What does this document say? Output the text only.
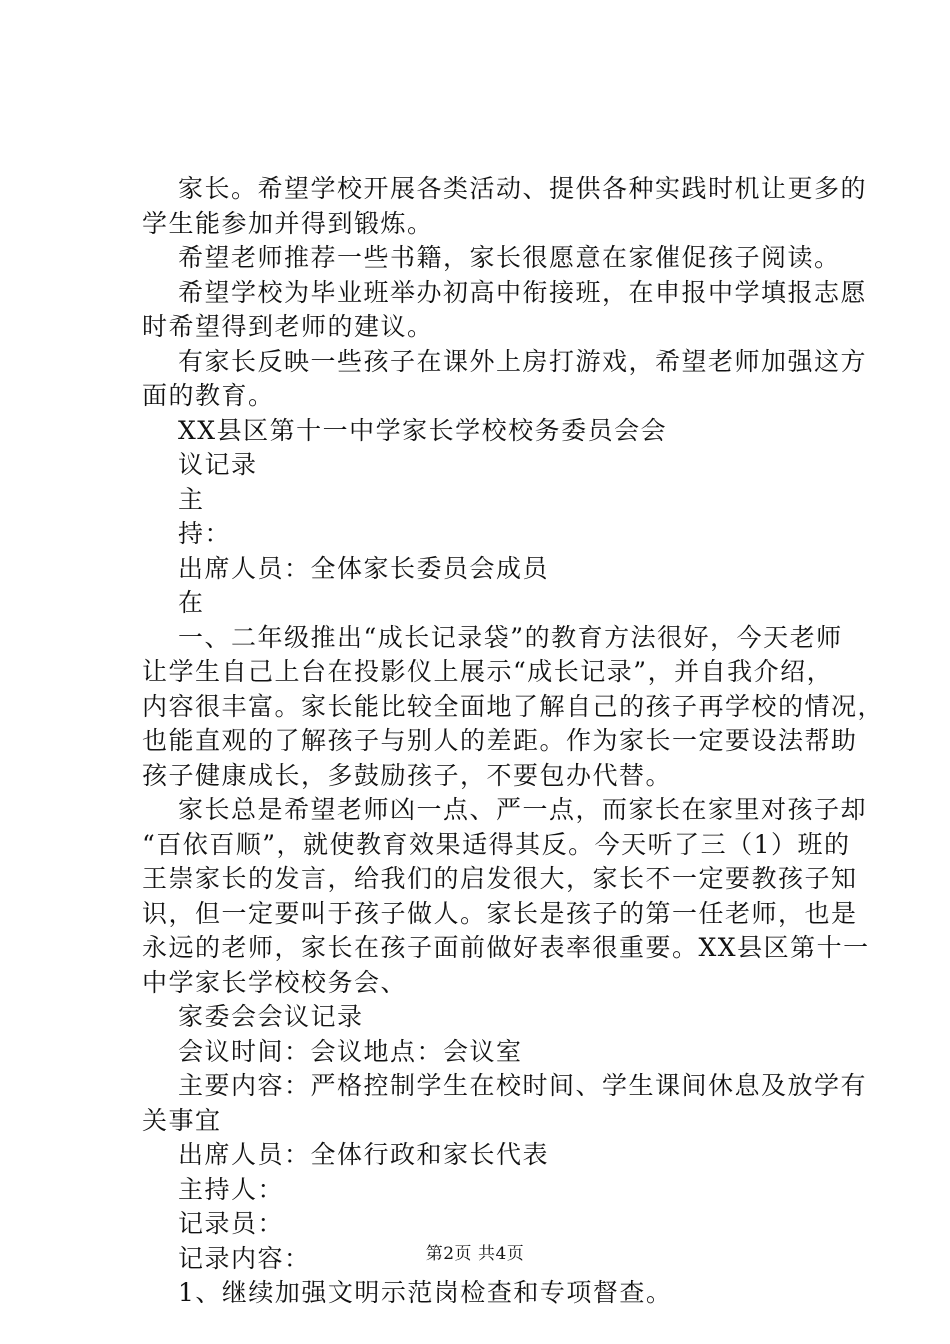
家长。希望学校开展各类活动、提供各种实践时机让更多的
学生能参加并得到锻炼。

希望老师推荐一些书籍，家长很愿意在家催促孩子阅读。

希望学校为毕业班举办初高中衔接班，在申报中学填报志愿
时希望得到老师的建议。

有家长反映一些孩子在课外上房打游戏，希望老师加强这方
面的教育。

XX县区第十一中学家长学校校务委员会会

议记录

主

持：

出席人员：全体家长委员会成员

在

一、二年级推出“成长记录袋”的教育方法很好，今天老师
让学生自己上台在投影仪上展示“成长记录”，并自我介绍，
内容很丰富。家长能比较全面地了解自己的孩子再学校的情况，
也能直观的了解孩子与别人的差距。作为家长一定要设法帮助
孩子健康成长，多鼓励孩子，不要包办代替。

家长总是希望老师凶一点、严一点，而家长在家里对孩子却
“百依百顺”，就使教育效果适得其反。今天听了三（1）班的
王崇家长的发言，给我们的启发很大，家长不一定要教孩子知
识，但一定要叫于孩子做人。家长是孩子的第一任老师，也是
永远的老师，家长在孩子面前做好表率很重要。XX县区第十一
中学家长学校校务会、

家委会会议记录

会议时间：会议地点：会议室

主要内容：严格控制学生在校时间、学生课间休息及放学有
关事宜

出席人员：全体行政和家长代表

主持人：

记录员：

记录内容：

1、继续加强文明示范岗检查和专项督查。

第2页 共4页
